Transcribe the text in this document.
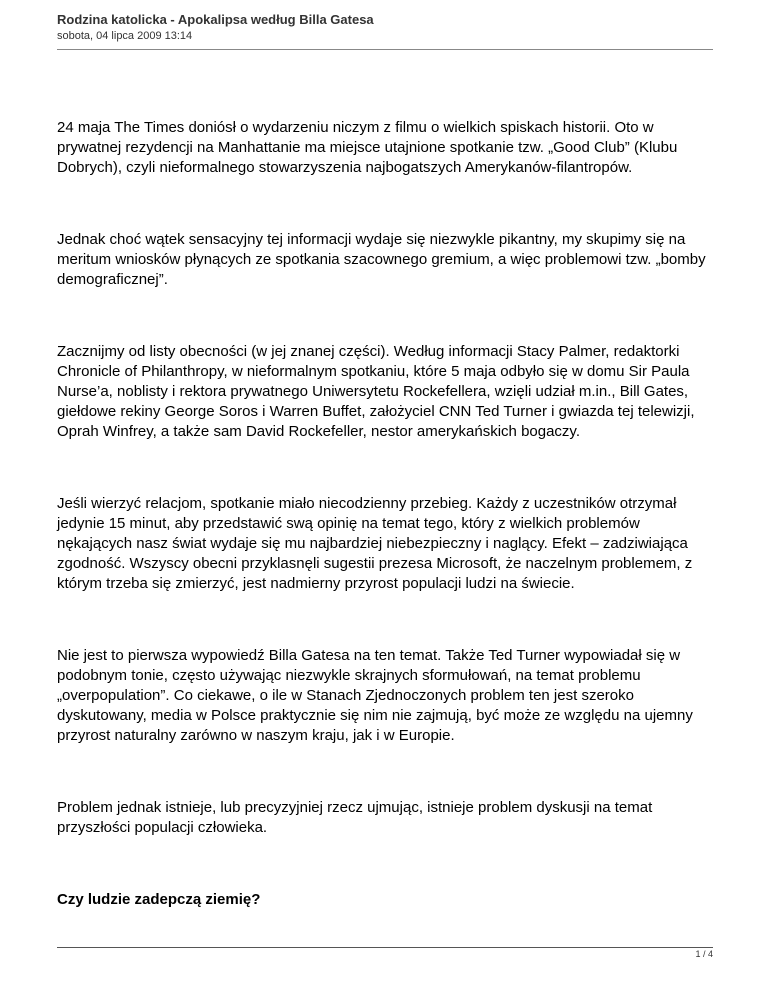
Rodzina katolicka - Apokalipsa według Billa Gatesa
sobota, 04 lipca 2009 13:14

24 maja The Times doniósł o wydarzeniu niczym z filmu o wielkich spiskach historii. Oto w prywatnej rezydencji na Manhattanie ma miejsce utajnione spotkanie tzw. „Good Club” (Klubu Dobrych), czyli nieformalnego stowarzyszenia najbogatszych Amerykanów-filantropów.

Jednak choć wątek sensacyjny tej informacji wydaje się niezwykle pikantny, my skupimy się na meritum wniosków płynących ze spotkania szacownego gremium, a więc problemowi tzw. „bomby demograficznej”.

Zacznijmy od listy obecności (w jej znanej części). Według informacji Stacy Palmer, redaktorki Chronicle of Philanthropy, w nieformalnym spotkaniu, które 5 maja odbyło się w domu Sir Paula Nurse’a, noblisty i rektora prywatnego Uniwersytetu Rockefellera, wzięli udział m.in., Bill Gates, giełdowe rekiny George Soros i Warren Buffet, założyciel CNN Ted Turner i gwiazda tej telewizji, Oprah Winfrey, a także sam David Rockefeller, nestor amerykańskich bogaczy.

Jeśli wierzyć relacjom, spotkanie miało niecodzienny przebieg. Każdy z uczestników otrzymał jedynie 15 minut, aby przedstawić swą opinię na temat tego, który z wielkich problemów nękających nasz świat wydaje się mu najbardziej niebezpieczny i naglący. Efekt – zadziwiająca zgodność. Wszyscy obecni przyklasnęli sugestii prezesa Microsoft, że naczelnym problemem, z którym trzeba się zmierzyć, jest nadmierny przyrost populacji ludzi na świecie.

Nie jest to pierwsza wypowiedź Billa Gatesa na ten temat. Także Ted Turner wypowiadał się w podobnym tonie, często używając niezwykle skrajnych sformułowań, na temat problemu „overpopulation”. Co ciekawe, o ile w Stanach Zjednoczonych problem ten jest szeroko dyskutowany, media w Polsce praktycznie się nim nie zajmują, być może ze względu na ujemny przyrost naturalny zarówno w naszym kraju, jak i w Europie.

Problem jednak istnieje, lub precyzyjniej rzecz ujmując, istnieje problem dyskusji na temat przyszłości populacji człowieka.

Czy ludzie zadepczą ziemię?

1 / 4
